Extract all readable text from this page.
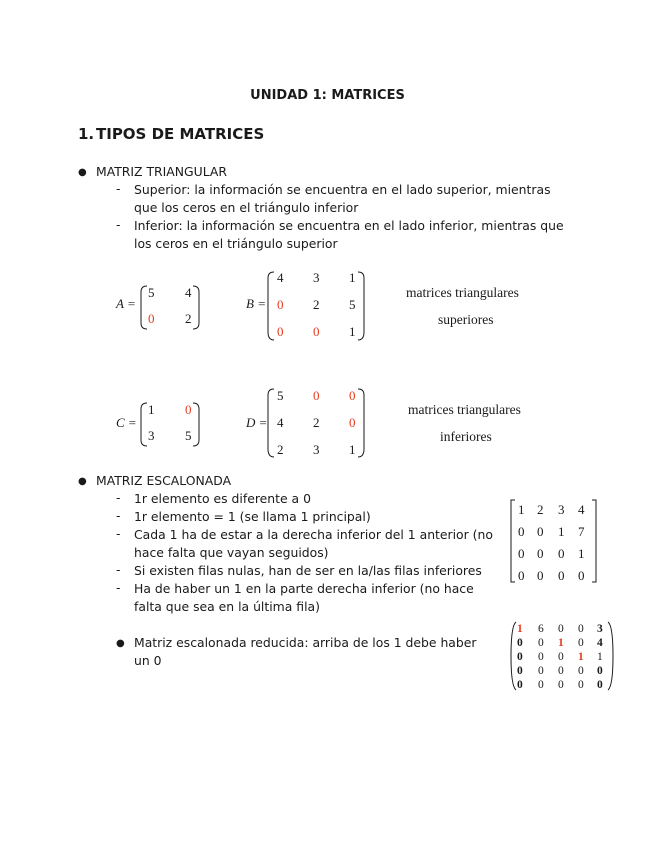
UNIDAD 1: MATRICES
1. TIPOS DE MATRICES
● MATRIZ TRIANGULAR
- Superior: la información se encuentra en el lado superior, mientras
que los ceros en el triángulo inferior
- Inferior: la información se encuentra en el lado inferior, mientras que
los ceros en el triángulo superior
A =
5 4
0 2
B =
4 3 1
0 2 5
0 0 1
matrices triangulares
superiores
C =
1 0
3 5
D =
5 0 0
4 2 0
2 3 1
matrices triangulares
inferiores
● MATRIZ ESCALONADA
- 1r elemento es diferente a 0
- 1r elemento = 1 (se llama 1 principal)
- Cada 1 ha de estar a la derecha inferior del 1 anterior (no
hace falta que vayan seguidos)
- Si existen filas nulas, han de ser en la/las filas inferiores
- Ha de haber un 1 en la parte derecha inferior (no hace
falta que sea en la última fila)
1 2 3 4
0 0 1 7
0 0 0 1
0 0 0 0
● Matriz escalonada reducida: arriba de los 1 debe haber
un 0
1 6 0 0 3
0 0 1 0 4
0 0 0 1 1
0 0 0 0 0
0 0 0 0 0
